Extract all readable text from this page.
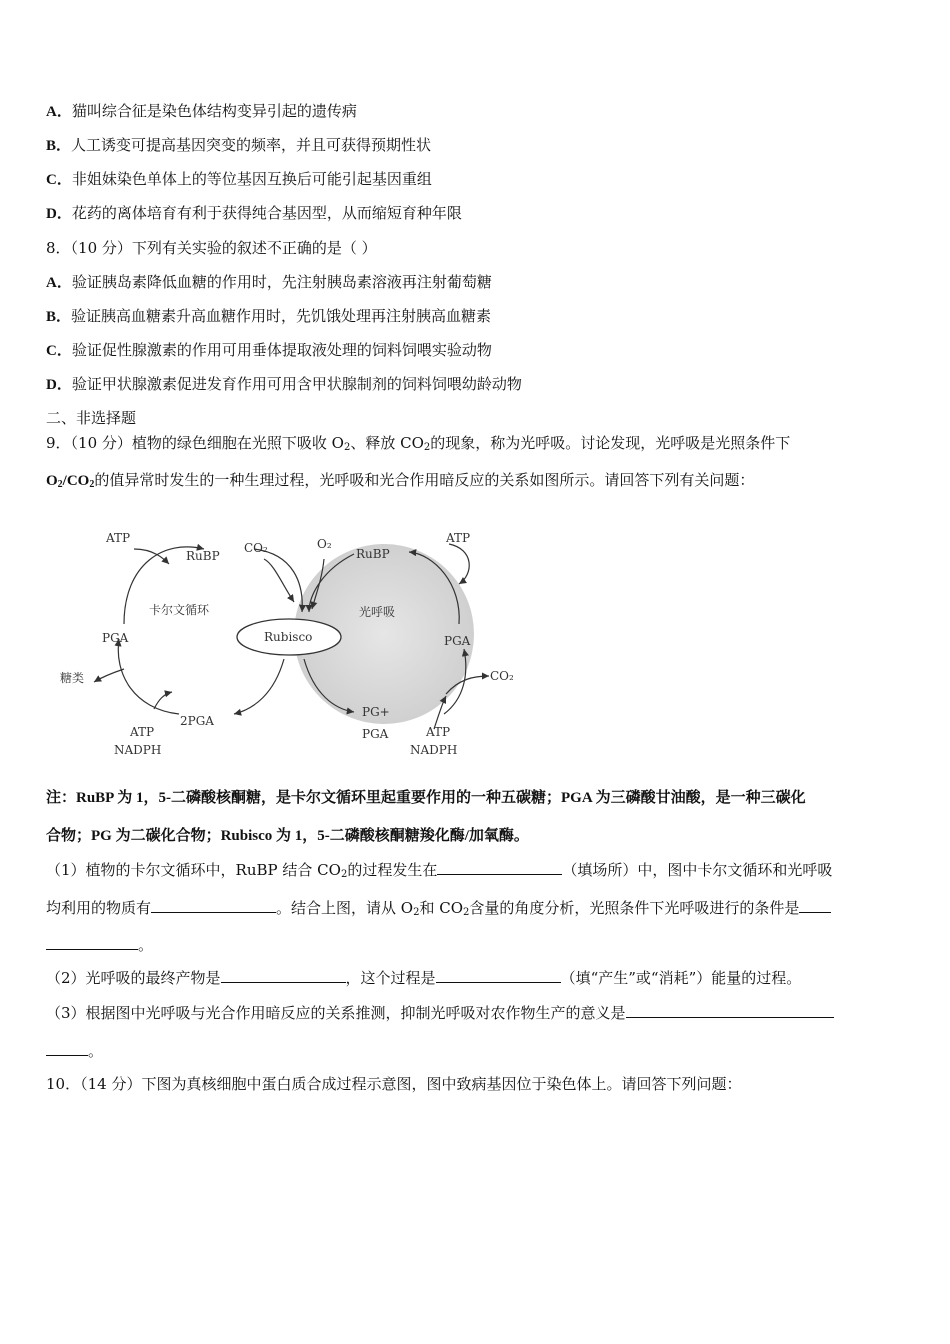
A．猫叫综合征是染色体结构变异引起的遗传病
B．人工诱变可提高基因突变的频率，并且可获得预期性状
C．非姐妹染色单体上的等位基因互换后可能引起基因重组
D．花药的离体培育有利于获得纯合基因型，从而缩短育种年限
8．（10 分）下列有关实验的叙述不正确的是（ ）
A．验证胰岛素降低血糖的作用时，先注射胰岛素溶液再注射葡萄糖
B．验证胰高血糖素升高血糖作用时，先饥饿处理再注射胰高血糖素
C．验证促性腺激素的作用可用垂体提取液处理的饲料饲喂实验动物
D．验证甲状腺激素促进发育作用可用含甲状腺制剂的饲料饲喂幼龄动物
二、非选择题
9．（10 分）植物的绿色细胞在光照下吸收 $O_2$、释放 $CO_2$的现象，称为光呼吸。讨论发现，光呼吸是光照条件下
$O_2/CO_2$的值异常时发生的一种生理过程，光呼吸和光合作用暗反应的关系如图所示。请回答下列有关问题：
ATP
RuBP
CO₂	O₂
RuBP
ATP
卡尔文循环	光呼吸
PGA	Rubisco	PGA
糖类	CO₂
ATP
NADPH
2PGA
PG+
PGA	ATP
NADPH
注：RuBP 为 1，5-二磷酸核酮糖，是卡尔文循环里起重要作用的一种五碳糖；PGA 为三磷酸甘油酸，是一种三碳化
合物；PG 为二碳化合物；Rubisco 为 1，5-二磷酸核酮糖羧化酶/加氧酶。
（1）植物的卡尔文循环中，RuBP 结合 $CO_2$的过程发生在	（填场所）中，图中卡尔文循环和光呼吸
均利用的物质有	。结合上图，请从 $O_2$和 $CO_2$含量的角度分析，光照条件下光呼吸进行的条件是
。
（2）光呼吸的最终产物是	，这个过程是	（填“产生”或“消耗”）能量的过程。
（3）根据图中光呼吸与光合作用暗反应的关系推测，抑制光呼吸对农作物生产的意义是
。
10．（14 分）下图为真核细胞中蛋白质合成过程示意图，图中致病基因位于染色体上。请回答下列问题：
